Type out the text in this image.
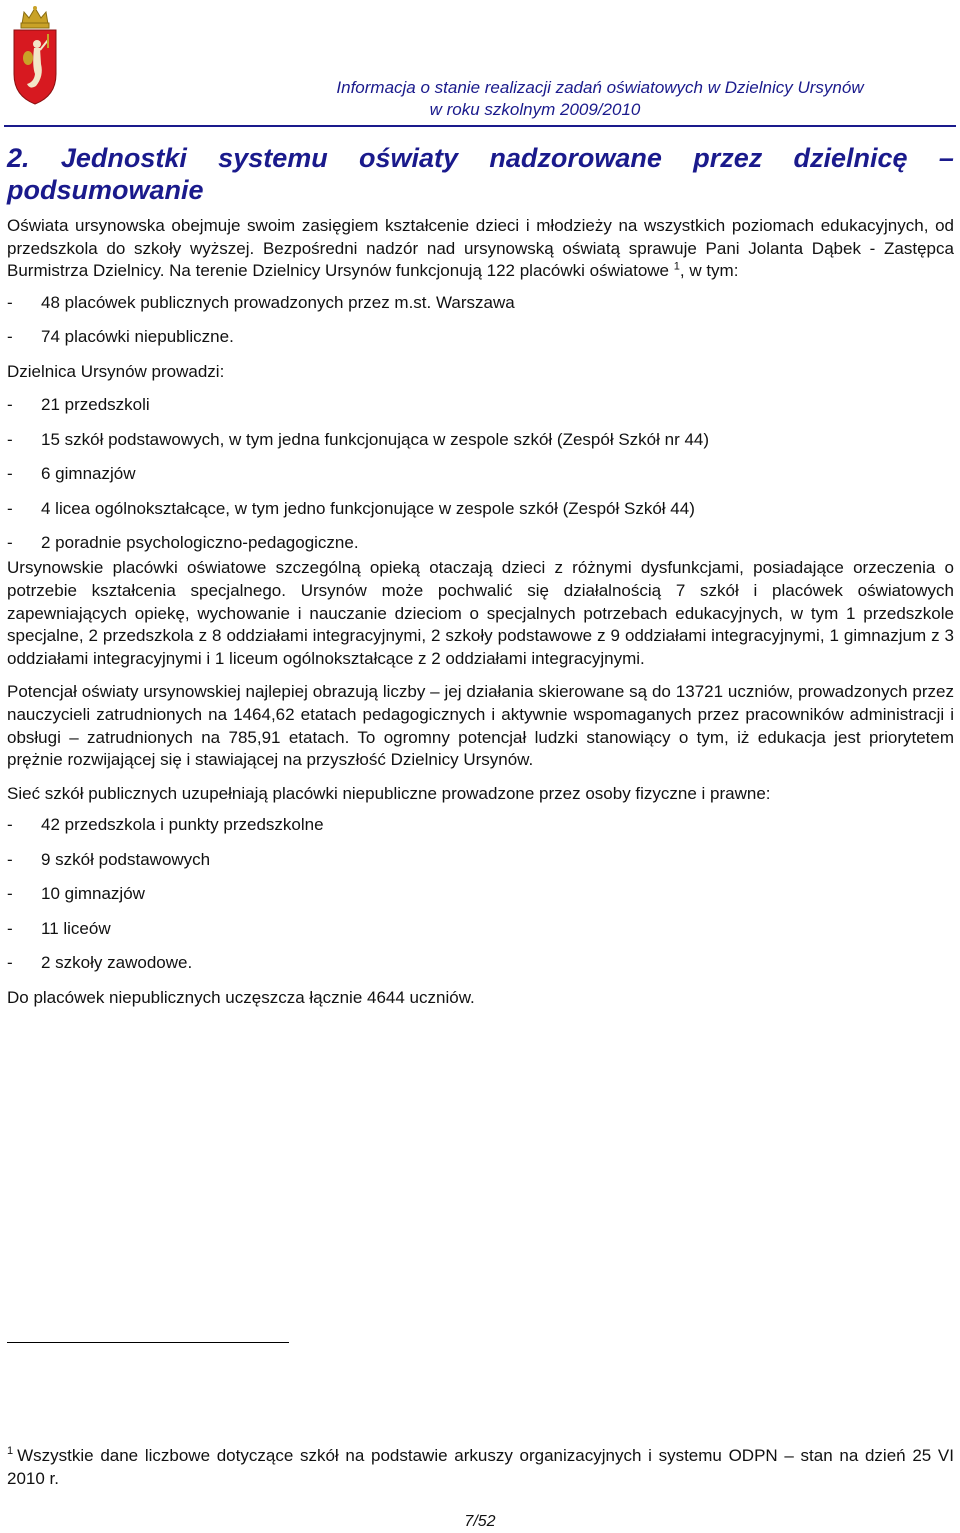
Informacja o stanie realizacji zadań oświatowych w Dzielnicy Ursynów
w roku szkolnym 2009/2010
2. Jednostki systemu oświaty nadzorowane przez dzielnicę –
podsumowanie

Oświata ursynowska obejmuje swoim zasięgiem kształcenie dzieci i młodzieży na wszystkich poziomach edukacyjnych, od przedszkola do szkoły wyższej. Bezpośredni nadzór nad ursynowską oświatą sprawuje Pani Jolanta Dąbek - Zastępca Burmistrza Dzielnicy. Na terenie Dzielnicy Ursynów funkcjonują 122 placówki oświatowe $^1$, w tym:

-	48 placówek publicznych prowadzonych przez m.st. Warszawa
-	74 placówki niepubliczne.

Dzielnica Ursynów prowadzi:

-	21 przedszkoli
-	15 szkół podstawowych, w tym jedna funkcjonująca w zespole szkół (Zespół Szkół nr 44)
-	6 gimnazjów
-	4 licea ogólnokształcące, w tym jedno funkcjonujące w zespole szkół (Zespół Szkół 44)
-	2 poradnie psychologiczno-pedagogiczne.

Ursynowskie placówki oświatowe szczególną opieką otaczają dzieci z różnymi dysfunkcjami, posiadające orzeczenia o potrzebie kształcenia specjalnego. Ursynów może pochwalić się działalnością 7 szkół i placówek oświatowych zapewniających opiekę, wychowanie i nauczanie dzieciom o specjalnych potrzebach edukacyjnych, w tym 1 przedszkole specjalne, 2 przedszkola z 8 oddziałami integracyjnymi, 2 szkoły podstawowe z 9 oddziałami integracyjnymi, 1 gimnazjum z 3 oddziałami integracyjnymi i 1 liceum ogólnokształcące z 2 oddziałami integracyjnymi.

Potencjał oświaty ursynowskiej najlepiej obrazują liczby – jej działania skierowane są do 13721 uczniów, prowadzonych przez nauczycieli zatrudnionych na 1464,62 etatach pedagogicznych i aktywnie wspomaganych przez pracowników administracji i obsługi – zatrudnionych na 785,91 etatach. To ogromny potencjał ludzki stanowiący o tym, iż edukacja jest priorytetem prężnie rozwijającej się i stawiającej na przyszłość Dzielnicy Ursynów.

Sieć szkół publicznych uzupełniają placówki niepubliczne prowadzone przez osoby fizyczne i prawne:

-	42 przedszkola i punkty przedszkolne
-	9 szkół podstawowych
-	10 gimnazjów
-	11 liceów
-	2 szkoły zawodowe.

Do placówek niepublicznych uczęszcza łącznie 4644 uczniów.

$^1$ Wszystkie dane liczbowe dotyczące szkół na podstawie arkuszy organizacyjnych i systemu ODPN – stan na dzień 25 VI 2010 r.
7/52
